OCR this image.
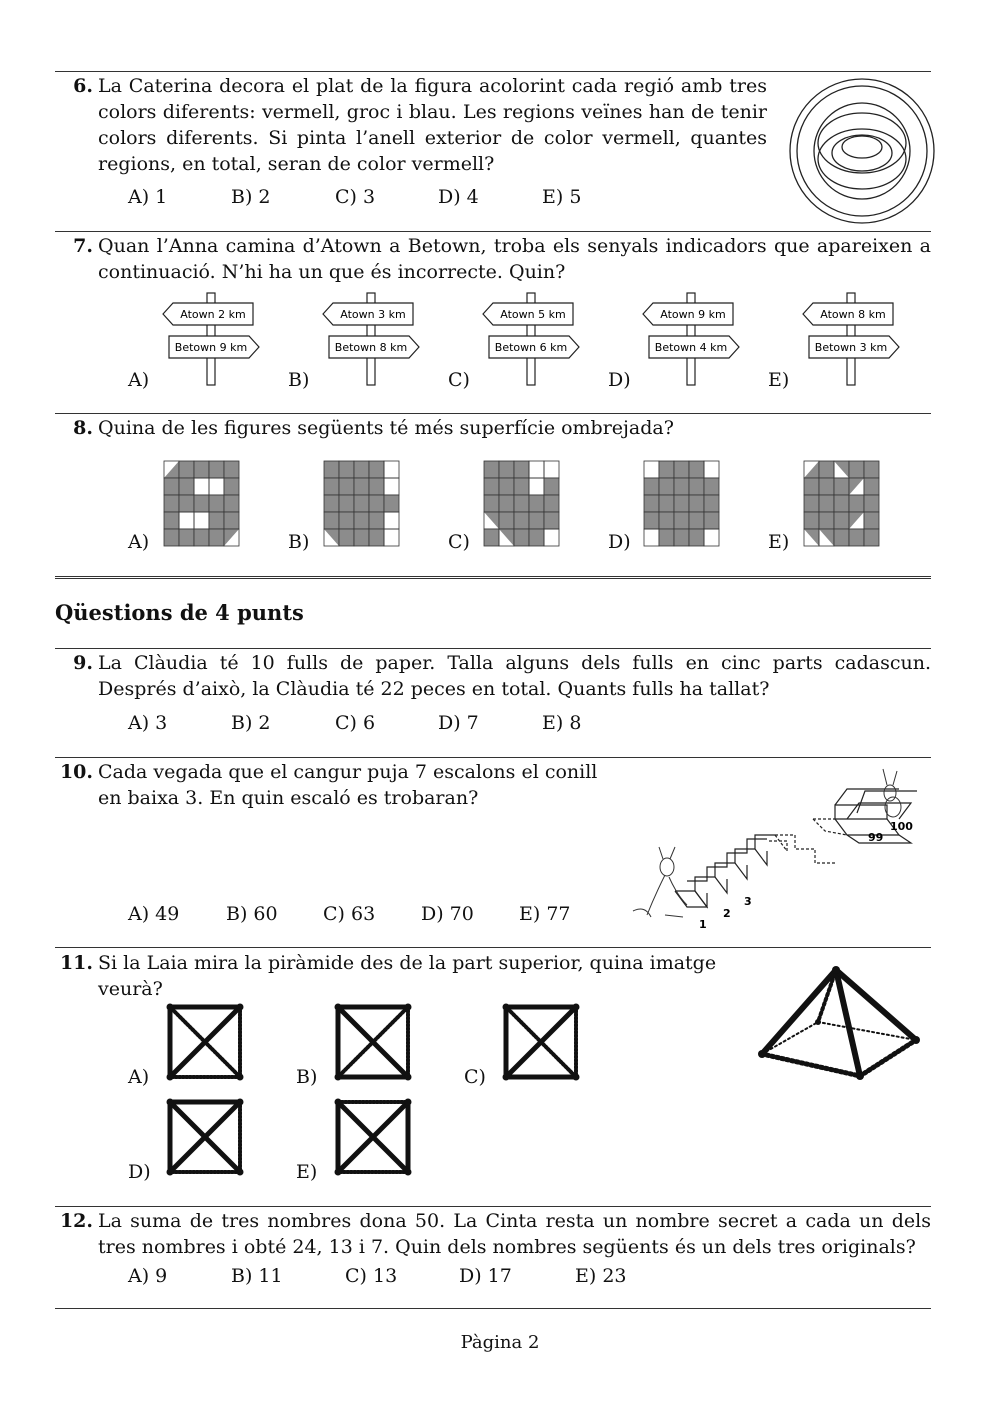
6. La Caterina decora el plat de la figura acolorint cada regió amb tres colors diferents: vermell, groc i blau. Les regions veïnes han de tenir colors diferents. Si pinta l’anell exterior de color vermell, quantes regions, en total, seran de color vermell?
A) 1	B) 2	C) 3	D) 4	E) 5
7. Quan l’Anna camina d’Atown a Betown, troba els senyals indicadors que apareixen a continuació. N’hi ha un que és incorrecte. Quin?
A)
Atown 2 km
Betown 9 km
B)
Atown 3 km
Betown 8 km
C)
Atown 5 km
Betown 6 km
D)
Atown 9 km
Betown 4 km
E)
Atown 8 km
Betown 3 km
8. Quina de les figures següents té més superfície ombrejada?
A)	B)	C)	D)	E)
Qüestions de 4 punts
9. La Clàudia té 10 fulls de paper. Talla alguns dels fulls en cinc parts cadascun. Després d’això, la Clàudia té 22 peces en total. Quants fulls ha tallat?
A) 3	B) 2	C) 6	D) 7	E) 8
10. Cada vegada que el cangur puja 7 escalons el conill en baixa 3. En quin escaló es trobaran?
A) 49 B) 60 C) 63 D) 70 E) 77
99
100
1
2
3
11. Si la Laia mira la piràmide des de la part superior, quina imatge veurà?
A)	B)	C)
D)	E)
12. La suma de tres nombres dona 50. La Cinta resta un nombre secret a cada un dels tres nombres i obté 24, 13 i 7. Quin dels nombres següents és un dels tres originals?
A) 9	B) 11	C) 13	D) 17	E) 23
Pàgina 2
